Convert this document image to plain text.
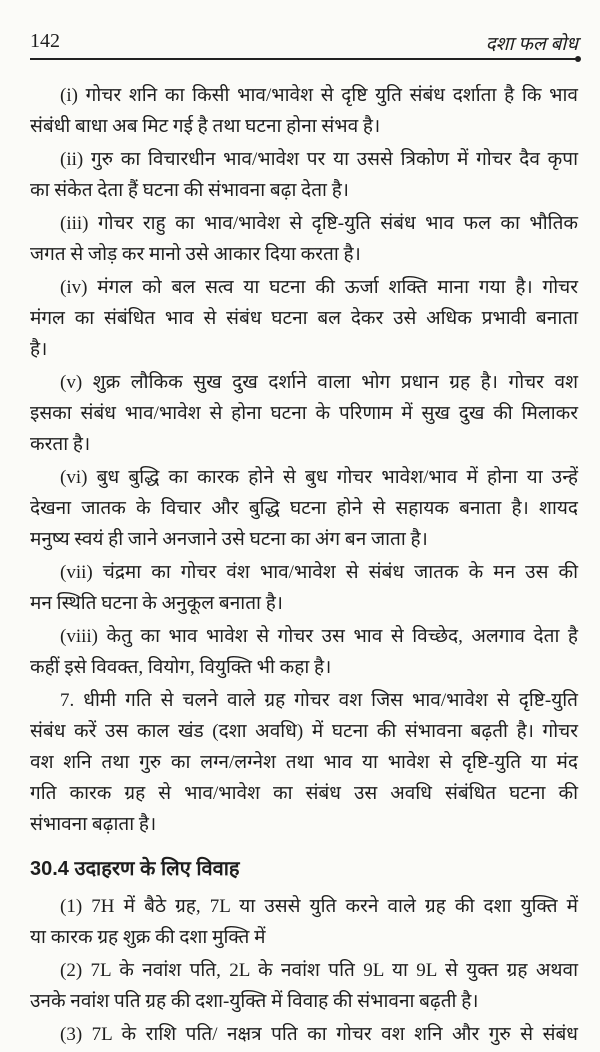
142	दशा फल बोध
(i) गोचर शनि का किसी भाव/भावेश से दृष्टि युति संबंध दर्शाता है कि भाव
संबंधी बाधा अब मिट गई है तथा घटना होना संभव है।
(ii) गुरु का विचारधीन भाव/भावेश पर या उससे त्रिकोण में गोचर दैव कृपा
का संकेत देता हैं घटना की संभावना बढ़ा देता है।
(iii) गोचर राहु का भाव/भावेश से दृष्टि-युति संबंध भाव फल का भौतिक
जगत से जोड़ कर मानो उसे आकार दिया करता है।
(iv) मंगल को बल सत्व या घटना की ऊर्जा शक्ति माना गया है। गोचर
मंगल का संबंधित भाव से संबंध घटना बल देकर उसे अधिक प्रभावी बनाता
है।
(v) शुक्र लौकिक सुख दुख दर्शाने वाला भोग प्रधान ग्रह है। गोचर वश
इसका संबंध भाव/भावेश से होना घटना के परिणाम में सुख दुख की मिलाकर
करता है।
(vi) बुध बुद्धि का कारक होने से बुध गोचर भावेश/भाव में होना या उन्हें
देखना जातक के विचार और बुद्धि घटना होने से सहायक बनाता है। शायद
मनुष्य स्वयं ही जाने अनजाने उसे घटना का अंग बन जाता है।
(vii) चंद्रमा का गोचर वंश भाव/भावेश से संबंध जातक के मन उस की
मन स्थिति घटना के अनुकूल बनाता है।
(viii) केतु का भाव भावेश से गोचर उस भाव से विच्छेद, अलगाव देता है
कहीं इसे विवक्त, वियोग, वियुक्ति भी कहा है।
7. धीमी गति से चलने वाले ग्रह गोचर वश जिस भाव/भावेश से दृष्टि-युति
संबंध करें उस काल खंड (दशा अवधि) में घटना की संभावना बढ़ती है। गोचर
वश शनि तथा गुरु का लग्न/लग्नेश तथा भाव या भावेश से दृष्टि-युति या मंद
गति कारक ग्रह से भाव/भावेश का संबंध उस अवधि संबंधित घटना की
संभावना बढ़ाता है।
30.4 उदाहरण के लिए विवाह
(1) 7H में बैठे ग्रह, 7L या उससे युति करने वाले ग्रह की दशा युक्ति में
या कारक ग्रह शुक्र की दशा मुक्ति में
(2) 7L के नवांश पति, 2L के नवांश पति 9L या 9L से युक्त ग्रह अथवा
उनके नवांश पति ग्रह की दशा-युक्ति में विवाह की संभावना बढ़ती है।
(3) 7L के राशि पति/ नक्षत्र पति का गोचर वश शनि और गुरु से संबंध
